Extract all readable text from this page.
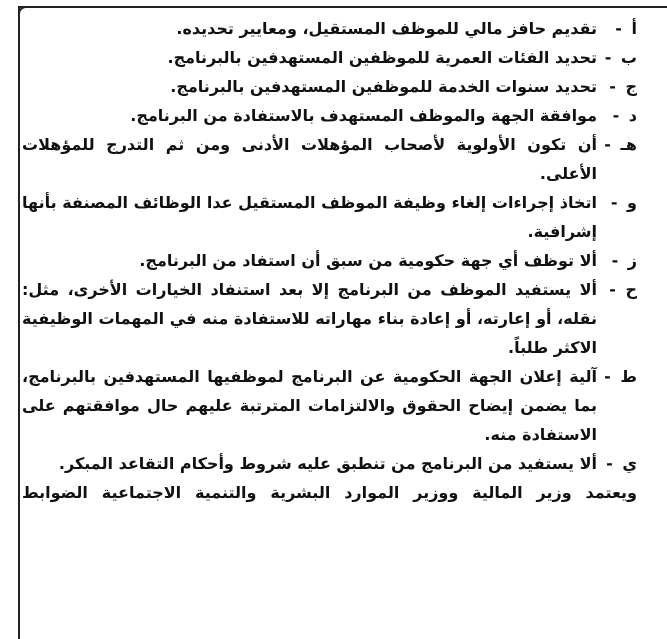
أ -
تقديم حافز مالي للموظف المستقيل، ومعايير تحديده.
ب -
تحديد الفئات العمرية للموظفين المستهدفين بالبرنامج.
ج -
تحديد سنوات الخدمة للموظفين المستهدفين بالبرنامج.
د -
موافقة الجهة والموظف المستهدف بالاستفادة من البرنامج.
هـ -
أن تكون الأولوية لأصحاب المؤهلات الأدنى ومن ثم التدرج للمؤهلات الأعلى.
و -
اتخاذ إجراءات إلغاء وظيفة الموظف المستقيل عدا الوظائف المصنفة بأنها إشرافية.
ز -
ألا توظف أي جهة حكومية من سبق أن استفاد من البرنامج.
ح -
ألا يستفيد الموظف من البرنامج إلا بعد استنفاد الخيارات الأخرى، مثل: نقله، أو إعارته، أو إعادة بناء مهاراته للاستفادة منه في المهمات الوظيفية الاكثر طلباً.
ط -
آلية إعلان الجهة الحكومية عن البرنامج لموظفيها المستهدفين بالبرنامج، بما يضمن إيضاح الحقوق والالتزامات المترتبة عليهم حال موافقتهم على الاستفادة منه.
ي -
ألا يستفيد من البرنامج من تنطبق عليه شروط وأحكام التقاعد المبكر.
ويعتمد وزير المالية ووزير الموارد البشرية والتنمية الاجتماعية الضوابط
